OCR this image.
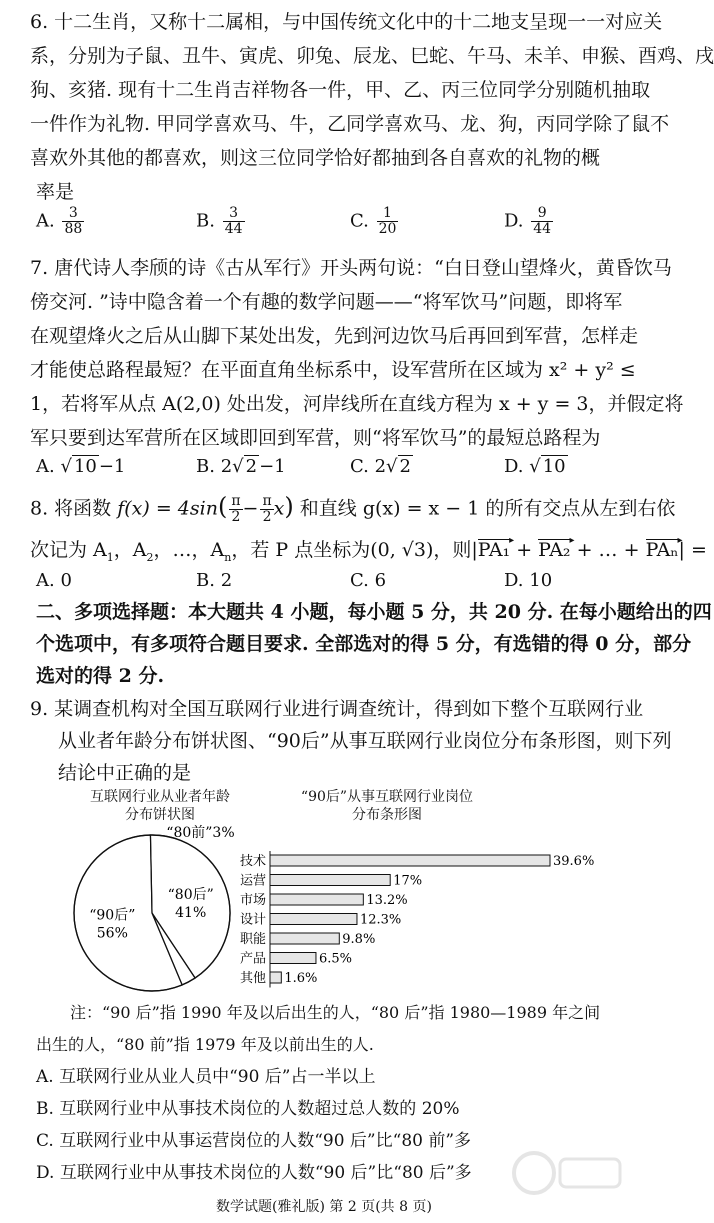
6. 十二生肖，又称十二属相，与中国传统文化中的十二地支呈现一一对应关
系，分别为子鼠、丑牛、寅虎、卯兔、辰龙、巳蛇、午马、未羊、申猴、酉鸡、戌
狗、亥猪. 现有十二生肖吉祥物各一件，甲、乙、丙三位同学分别随机抽取
一件作为礼物. 甲同学喜欢马、牛，乙同学喜欢马、龙、狗，丙同学除了鼠不
喜欢外其他的都喜欢，则这三位同学恰好都抽到各自喜欢的礼物的概
率是
A. $\frac{3}{88}$	B. $\frac{3}{44}$	C. $\frac{1}{20}$	D. $\frac{9}{44}$
7. 唐代诗人李颀的诗《古从军行》开头两句说：“白日登山望烽火，黄昏饮马
傍交河. ”诗中隐含着一个有趣的数学问题——“将军饮马”问题，即将军
在观望烽火之后从山脚下某处出发，先到河边饮马后再回到军营，怎样走
才能使总路程最短？在平面直角坐标系中，设军营所在区域为 x² + y² ≤
1，若将军从点 A(2,0) 处出发，河岸线所在直线方程为 x + y = 3，并假定将
军只要到达军营所在区域即回到军营，则“将军饮马”的最短总路程为
A. √ 10 −1	B. 2√ 2 −1	C. 2√ 2	D. √ 10
8. 将函数 $f(x) = 4\sin( \frac{\pi}{2} - \frac{\pi}{2} x)$ 和直线 g(x) = x − 1 的所有交点从左到右依
次记为 $A_1$，$A_2$，…，$A_n$，若 P 点坐标为(0, √3)，则|PA₁ ▸ + PA₂ ▸ + … + PAₙ ▸| =
A. 0	B. 2	C. 6	D. 10
二、多项选择题：本大题共 4 小题，每小题 5 分，共 20 分. 在每小题给出的四
个选项中，有多项符合题目要求. 全部选对的得 5 分，有选错的得 0 分，部分
选对的得 2 分.
9. 某调查机构对全国互联网行业进行调查统计，得到如下整个互联网行业
从业者年龄分布饼状图、“90后”从事互联网行业岗位分布条形图，则下列
结论中正确的是
互联网行业从业者年龄
分布饼状图
“90后”从事互联网行业岗位
分布条形图
“90后” 56%
“80后” 41%
“80前”3%
技术	39.6%
运营	17%
市场	13.2%
设计	12.3%
职能	9.8%
产品	6.5%
其他 1.6%
注：“90 后”指 1990 年及以后出生的人，“80 后”指 1980—1989 年之间
出生的人，“80 前”指 1979 年及以前出生的人.
A. 互联网行业从业人员中“90 后”占一半以上
B. 互联网行业中从事技术岗位的人数超过总人数的 20%
C. 互联网行业中从事运营岗位的人数“90 后”比“80 前”多
D. 互联网行业中从事技术岗位的人数“90 后”比“80 后”多
数学试题(雅礼版) 第 2 页(共 8 页)
